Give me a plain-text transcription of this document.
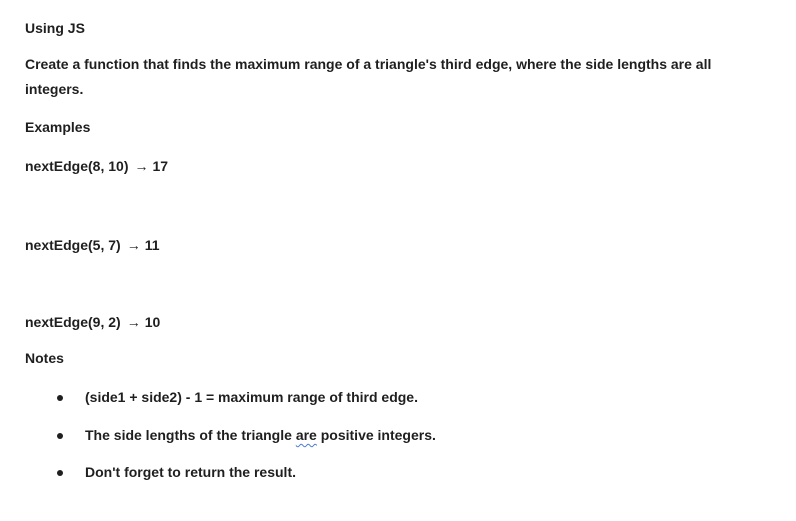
Using JS
Create a function that finds the maximum range of a triangle's third edge, where the side lengths are all integers.
Examples
nextEdge(8, 10) → 17
nextEdge(5, 7) → 11
nextEdge(9, 2) → 10
Notes
(side1 + side2) - 1 = maximum range of third edge.
The side lengths of the triangle are positive integers.
Don't forget to return the result.
